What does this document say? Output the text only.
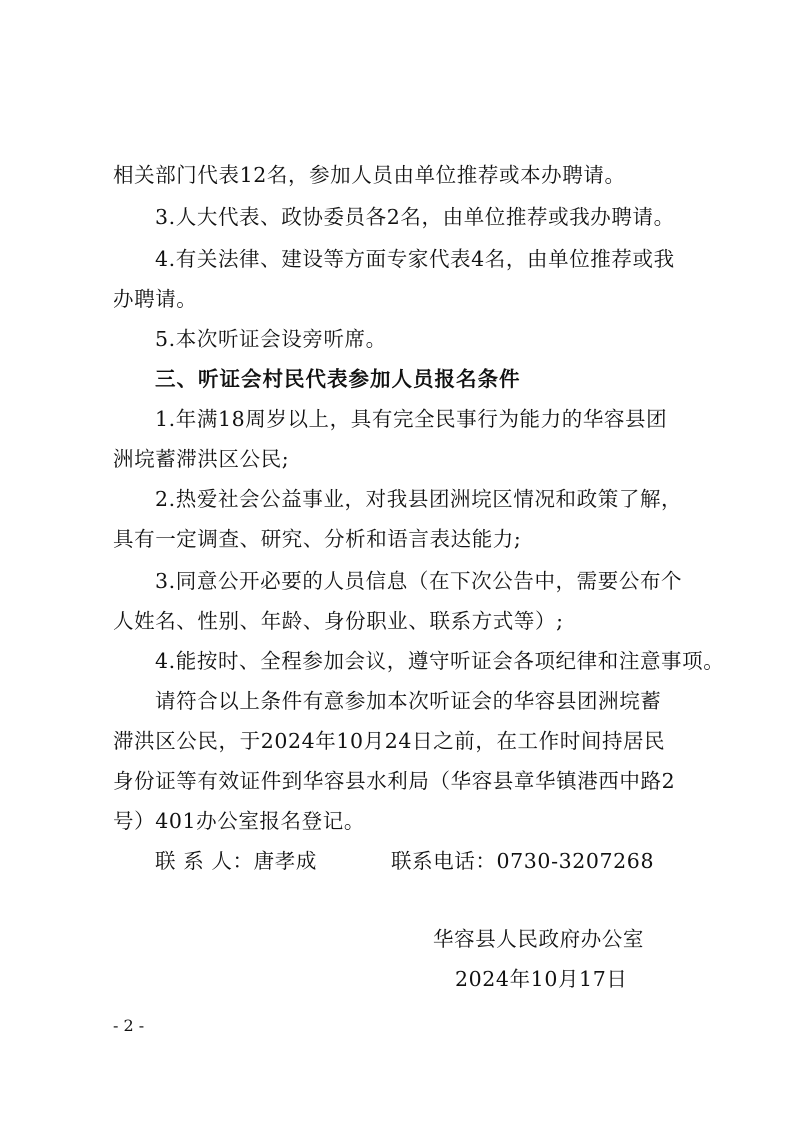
相关部门代表12名，参加人员由单位推荐或本办聘请。
3.人大代表、政协委员各2名，由单位推荐或我办聘请。
4.有关法律、建设等方面专家代表4名，由单位推荐或我
办聘请。
5.本次听证会设旁听席。
三、听证会村民代表参加人员报名条件
1.年满18周岁以上，具有完全民事行为能力的华容县团
洲垸蓄滞洪区公民;
2.热爱社会公益事业，对我县团洲垸区情况和政策了解，
具有一定调查、研究、分析和语言表达能力;
3.同意公开必要的人员信息（在下次公告中，需要公布个
人姓名、性别、年龄、身份职业、联系方式等）;
4.能按时、全程参加会议，遵守听证会各项纪律和注意事项。
请符合以上条件有意参加本次听证会的华容县团洲垸蓄
滞洪区公民，于2024年10月24日之前，在工作时间持居民
身份证等有效证件到华容县水利局（华容县章华镇港西中路2
号）401办公室报名登记。
联 系 人：唐孝成	联系电话：0730-3207268
华容县人民政府办公室
2024年10月17日
- 2 -
